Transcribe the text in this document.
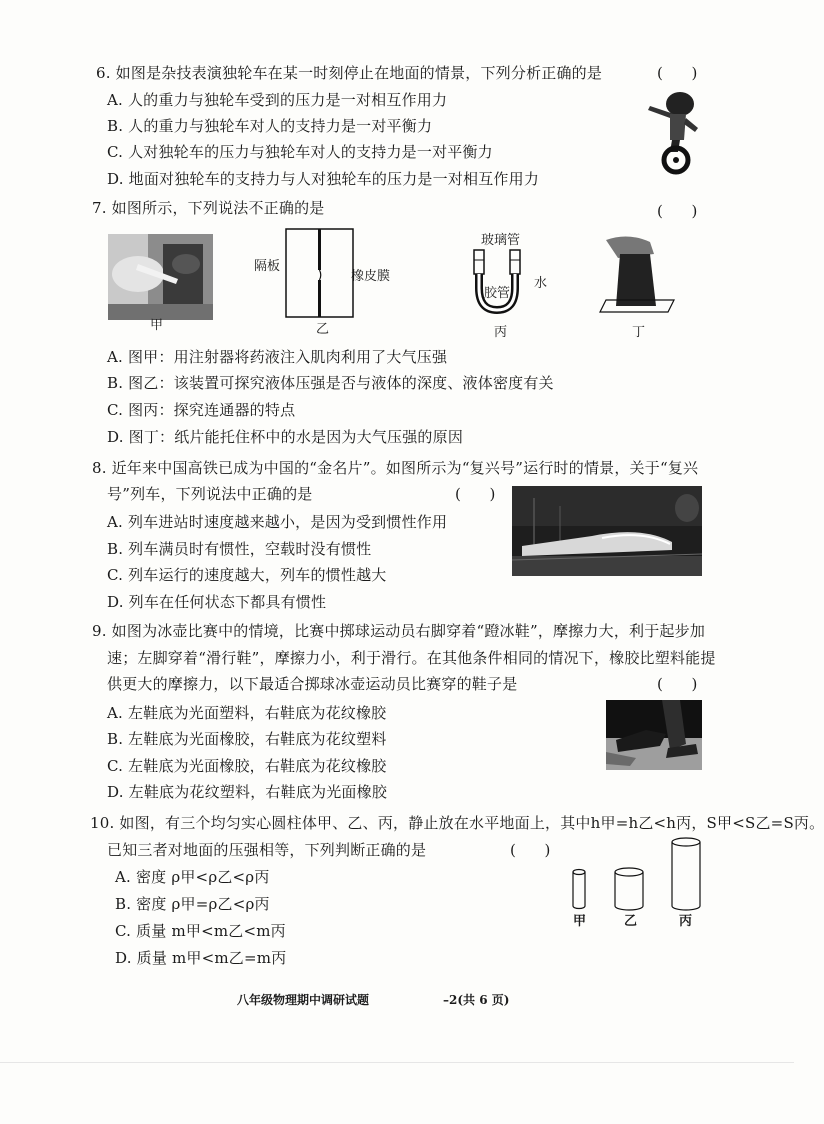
6. 如图是杂技表演独轮车在某一时刻停止在地面的情景，下列分析正确的是	(      )
A. 人的重力与独轮车受到的压力是一对相互作用力
B. 人的重力与独轮车对人的支持力是一对平衡力
C. 人对独轮车的压力与独轮车对人的支持力是一对平衡力
D. 地面对独轮车的支持力与人对独轮车的压力是一对相互作用力
7. 如图所示，下列说法不正确的是	(      )
甲
隔板
橡皮膜
乙
玻璃管
胶管
水
丙	丁
A. 图甲：用注射器将药液注入肌肉利用了大气压强
B. 图乙：该装置可探究液体压强是否与液体的深度、液体密度有关
C. 图丙：探究连通器的特点
D. 图丁：纸片能托住杯中的水是因为大气压强的原因
8. 近年来中国高铁已成为中国的“金名片”。如图所示为“复兴号”运行时的情景，关于“复兴
号”列车，下列说法中正确的是	(      )
A. 列车进站时速度越来越小，是因为受到惯性作用
B. 列车满员时有惯性，空载时没有惯性
C. 列车运行的速度越大，列车的惯性越大
D. 列车在任何状态下都具有惯性
9. 如图为冰壶比赛中的情境，比赛中掷球运动员右脚穿着“蹬冰鞋”，摩擦力大，利于起步加
速；左脚穿着“滑行鞋”，摩擦力小，利于滑行。在其他条件相同的情况下，橡胶比塑料能提
供更大的摩擦力，以下最适合掷球冰壶运动员比赛穿的鞋子是	(      )
A. 左鞋底为光面塑料，右鞋底为花纹橡胶
B. 左鞋底为光面橡胶，右鞋底为花纹塑料
C. 左鞋底为光面橡胶，右鞋底为花纹橡胶
D. 左鞋底为花纹塑料，右鞋底为光面橡胶
10. 如图，有三个均匀实心圆柱体甲、乙、丙，静止放在水平地面上，其中h甲=h乙<h丙，S甲<S乙=S丙。
已知三者对地面的压强相等，下列判断正确的是	(      )
A. 密度 ρ甲<ρ乙<ρ丙
B. 密度 ρ甲=ρ乙<ρ丙
C. 质量 m甲<m乙<m丙
D. 质量 m甲<m乙=m丙
甲	乙	丙
八年级物理期中调研试题	–2(共 6 页)
